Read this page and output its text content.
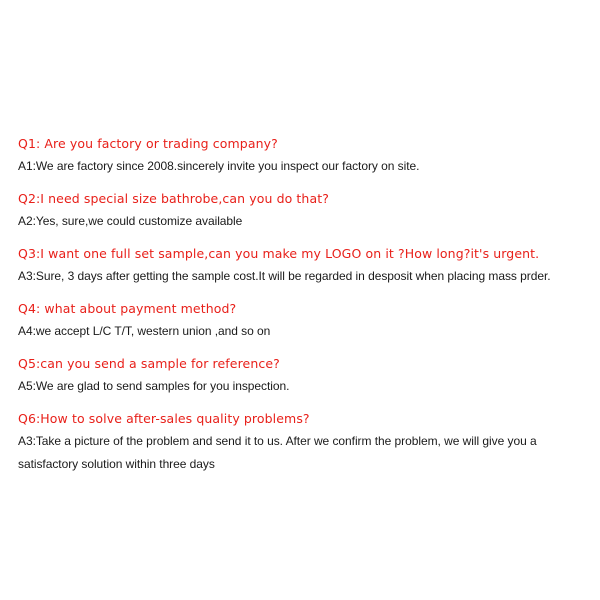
Q1: Are you factory or trading company?
A1:We are factory since 2008.sincerely invite you inspect our factory on site.
Q2:I need special size bathrobe,can you do that?
A2:Yes, sure,we could customize available
Q3:I want one full set sample,can you make my LOGO on it ?How long?it's urgent.
A3:Sure, 3 days after getting the sample cost.It will be regarded in desposit when placing mass prder.
Q4: what about payment method?
A4:we accept L/C T/T, western union ,and so on
Q5:can you send a sample for reference?
A5:We are glad to send samples for you inspection.
Q6:How to solve after-sales quality problems?
A3:Take a picture of the problem and send it to us. After we confirm the problem, we will give you a satisfactory solution within three days
